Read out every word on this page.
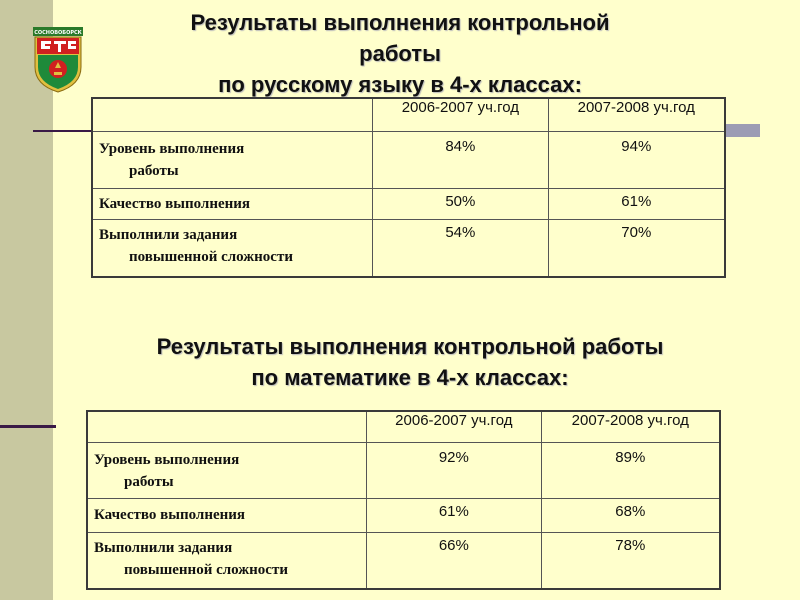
СОСНОВОБОРСК	Результаты выполнения контрольной
работы
по русскому языку в 4-х классах:
	2006-2007 уч.год	2007-2008 уч.год

Уровень выполнения
работы	84%	94%

Качество выполнения	50%	61%

Выполнили задания
повышенной сложности	54%	70%
Результаты выполнения контрольной работы
по математике в 4-х классах:
	2006-2007 уч.год	2007-2008 уч.год

Уровень выполнения
работы	92%	89%

Качество выполнения	61%	68%

Выполнили задания
повышенной сложности	66%	78%
